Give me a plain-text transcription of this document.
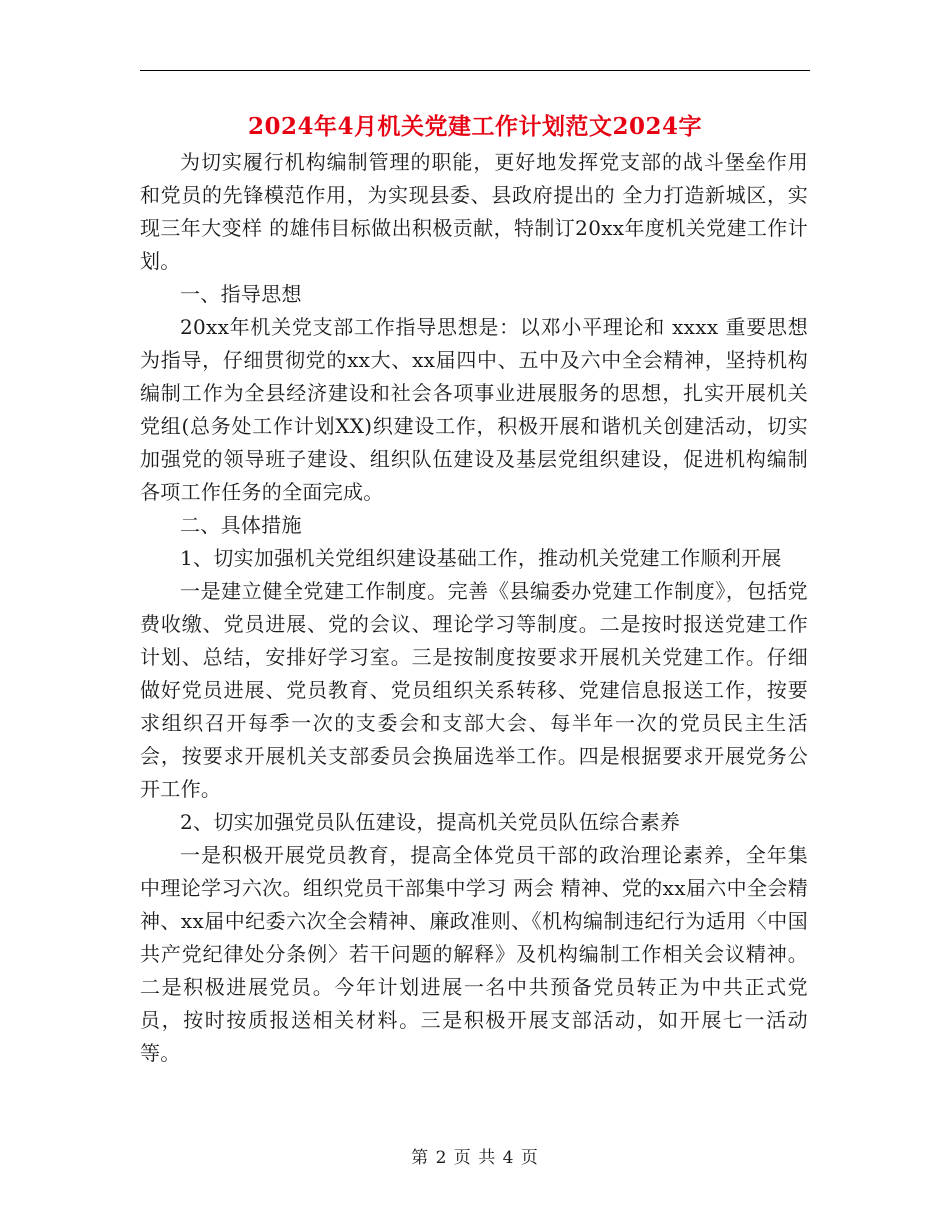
2024年4月机关党建工作计划范文2024字

为切实履行机构编制管理的职能，更好地发挥党支部的战斗堡垒作用和党员的先锋模范作用，为实现县委、县政府提出的 全力打造新城区，实现三年大变样 的雄伟目标做出积极贡献，特制订20xx年度机关党建工作计划。

一、指导思想

20xx年机关党支部工作指导思想是：以邓小平理论和 xxxx 重要思想为指导，仔细贯彻党的xx大、xx届四中、五中及六中全会精神，坚持机构编制工作为全县经济建设和社会各项事业进展服务的思想，扎实开展机关党组(总务处工作计划XX)织建设工作，积极开展和谐机关创建活动，切实加强党的领导班子建设、组织队伍建设及基层党组织建设，促进机构编制各项工作任务的全面完成。

二、具体措施

1、切实加强机关党组织建设基础工作，推动机关党建工作顺利开展

一是建立健全党建工作制度。完善《县编委办党建工作制度》，包括党费收缴、党员进展、党的会议、理论学习等制度。二是按时报送党建工作计划、总结，安排好学习室。三是按制度按要求开展机关党建工作。仔细做好党员进展、党员教育、党员组织关系转移、党建信息报送工作，按要求组织召开每季一次的支委会和支部大会、每半年一次的党员民主生活会，按要求开展机关支部委员会换届选举工作。四是根据要求开展党务公开工作。

2、切实加强党员队伍建设，提高机关党员队伍综合素养

一是积极开展党员教育，提高全体党员干部的政治理论素养，全年集中理论学习六次。组织党员干部集中学习 两会 精神、党的xx届六中全会精神、xx届中纪委六次全会精神、廉政准则、《机构编制违纪行为适用〈中国共产党纪律处分条例〉若干问题的解释》及机构编制工作相关会议精神。二是积极进展党员。今年计划进展一名中共预备党员转正为中共正式党员，按时按质报送相关材料。三是积极开展支部活动，如开展七一活动等。

第 2 页 共 4 页
